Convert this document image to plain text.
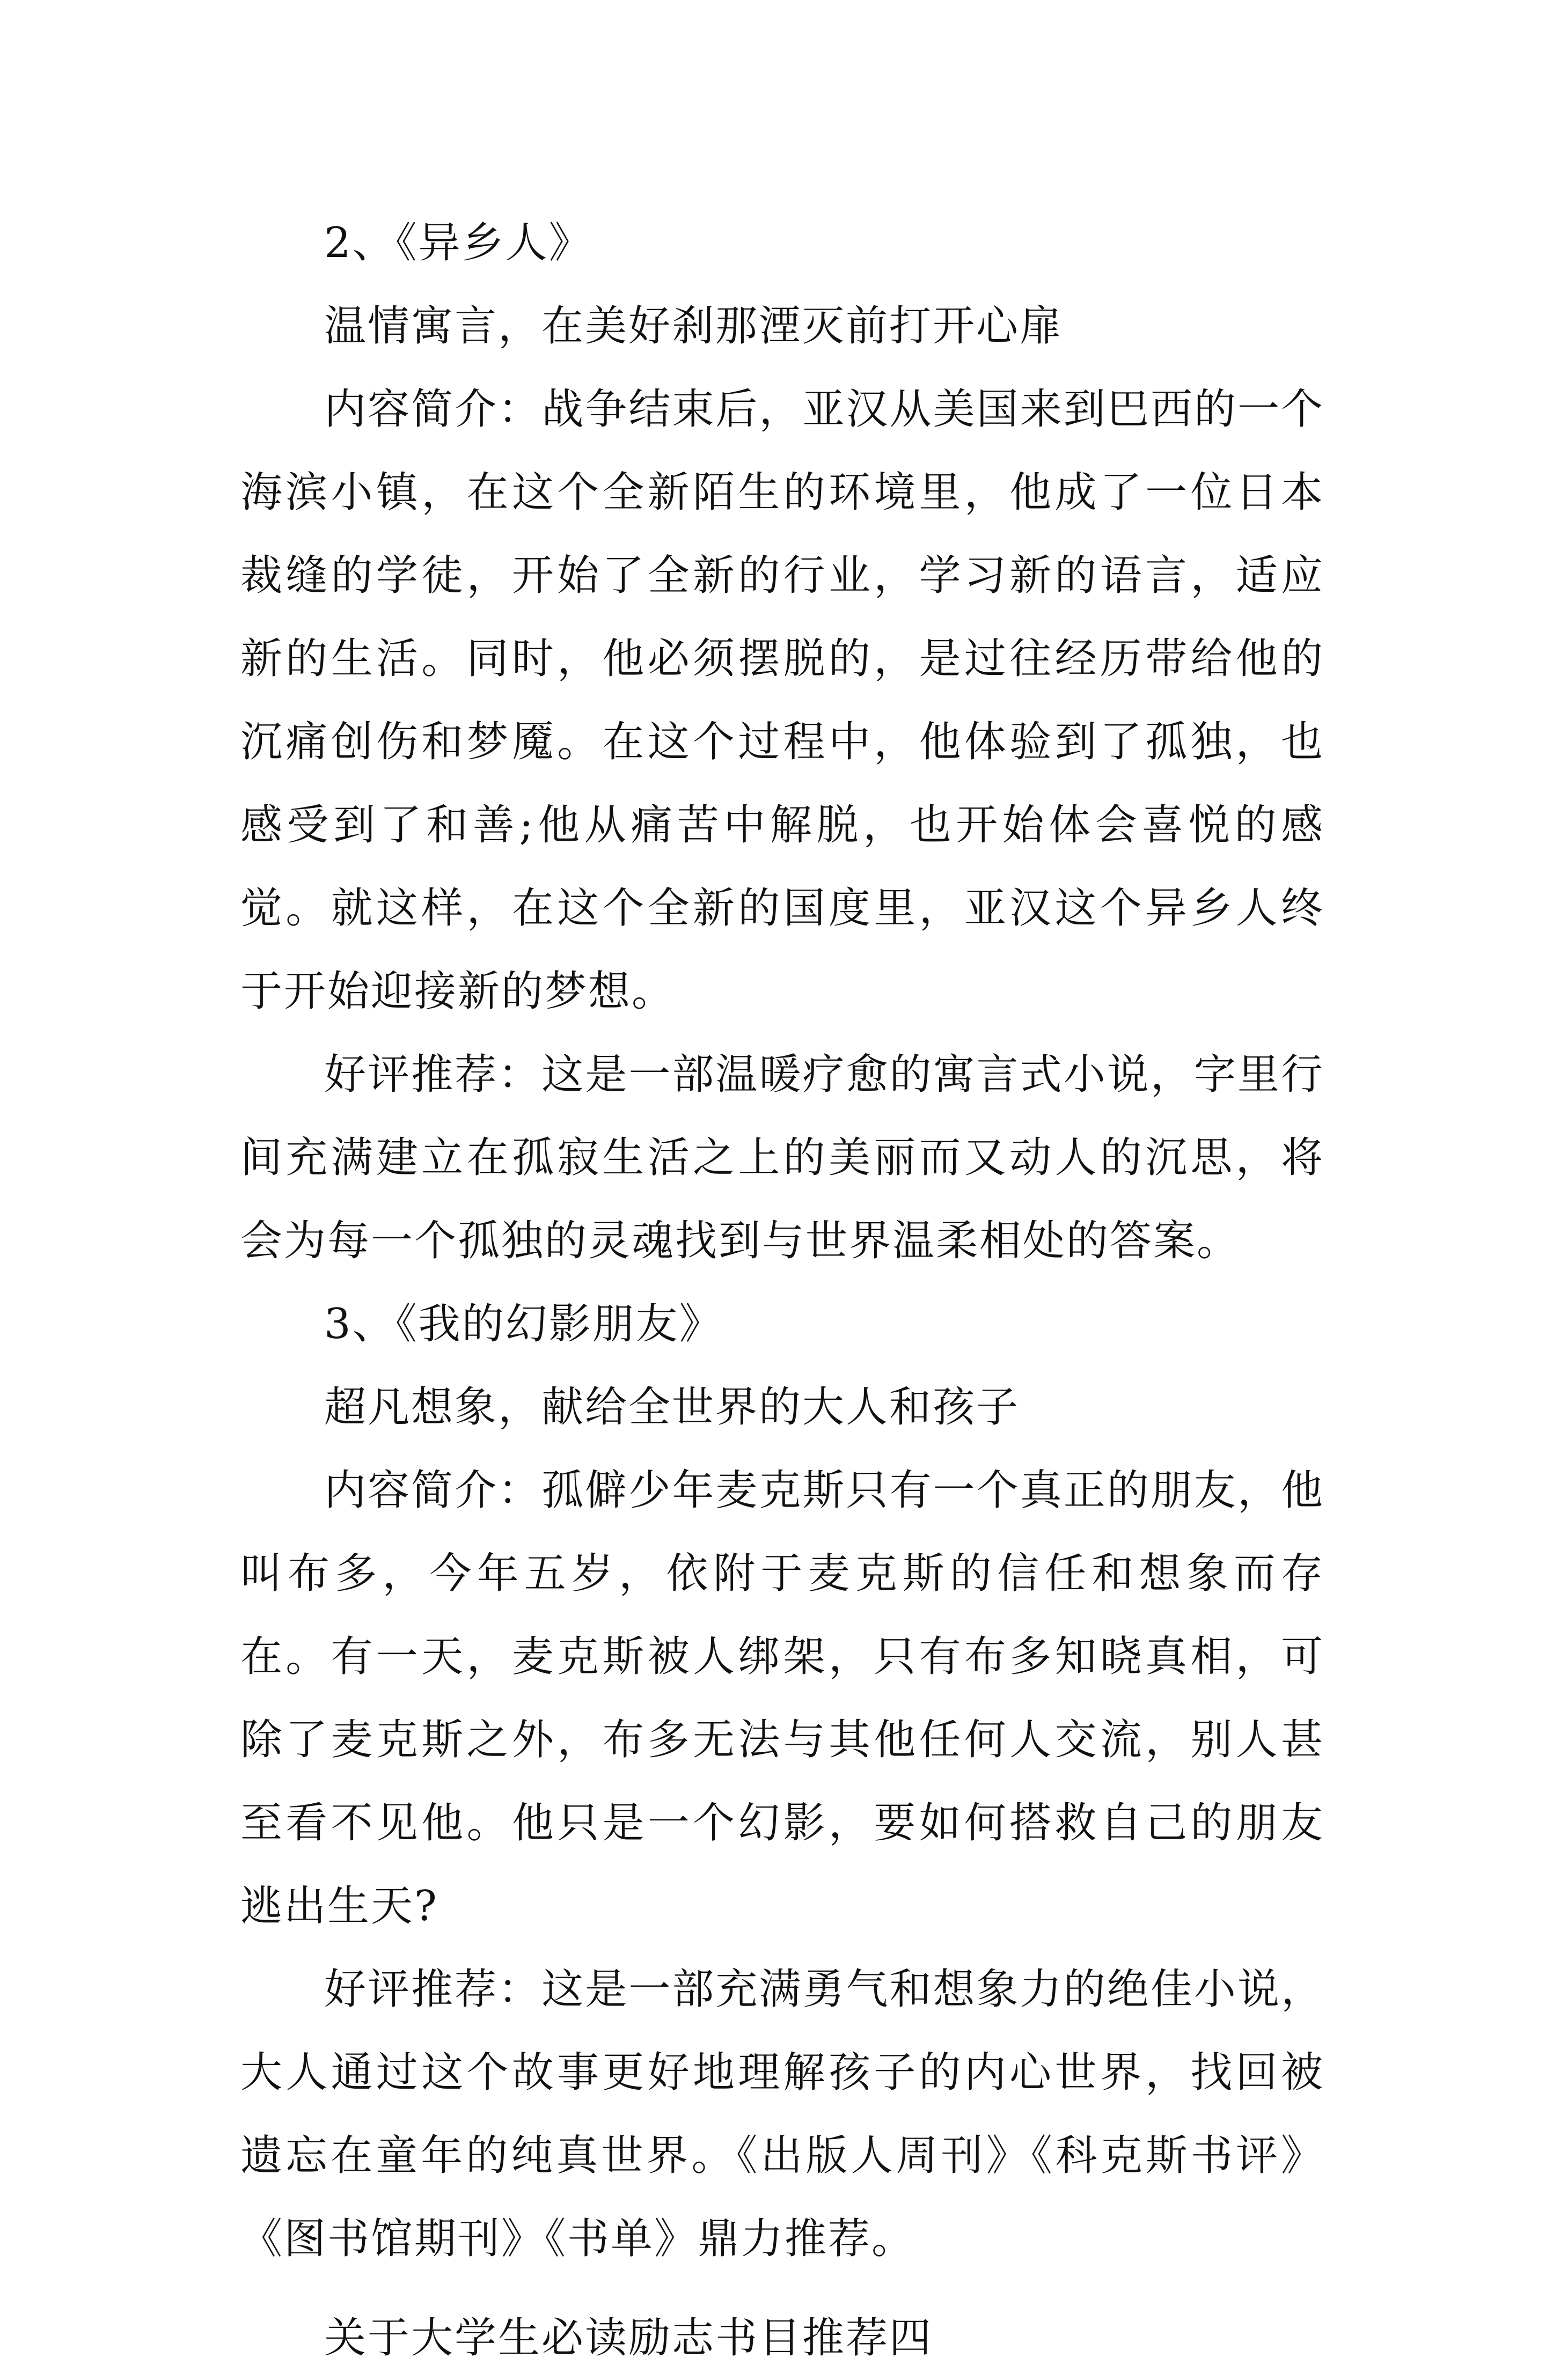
2、《异乡人》

温情寓言，在美好刹那湮灭前打开心扉

内容简介：战争结束后，亚汉从美国来到巴西的一个海滨小镇，在这个全新陌生的环境里，他成了一位日本裁缝的学徒，开始了全新的行业，学习新的语言，适应新的生活。同时，他必须摆脱的，是过往经历带给他的沉痛创伤和梦魇。在这个过程中，他体验到了孤独，也感受到了和善;他从痛苦中解脱，也开始体会喜悦的感觉。就这样，在这个全新的国度里，亚汉这个异乡人终于开始迎接新的梦想。

好评推荐：这是一部温暖疗愈的寓言式小说，字里行间充满建立在孤寂生活之上的美丽而又动人的沉思，将会为每一个孤独的灵魂找到与世界温柔相处的答案。

3、《我的幻影朋友》

超凡想象，献给全世界的大人和孩子

内容简介：孤僻少年麦克斯只有一个真正的朋友，他叫布多，今年五岁，依附于麦克斯的信任和想象而存在。有一天，麦克斯被人绑架，只有布多知晓真相，可除了麦克斯之外，布多无法与其他任何人交流，别人甚至看不见他。他只是一个幻影，要如何搭救自己的朋友逃出生天?

好评推荐：这是一部充满勇气和想象力的绝佳小说，大人通过这个故事更好地理解孩子的内心世界，找回被遗忘在童年的纯真世界。《出版人周刊》《科克斯书评》《图书馆期刊》《书单》鼎力推荐。

关于大学生必读励志书目推荐四
